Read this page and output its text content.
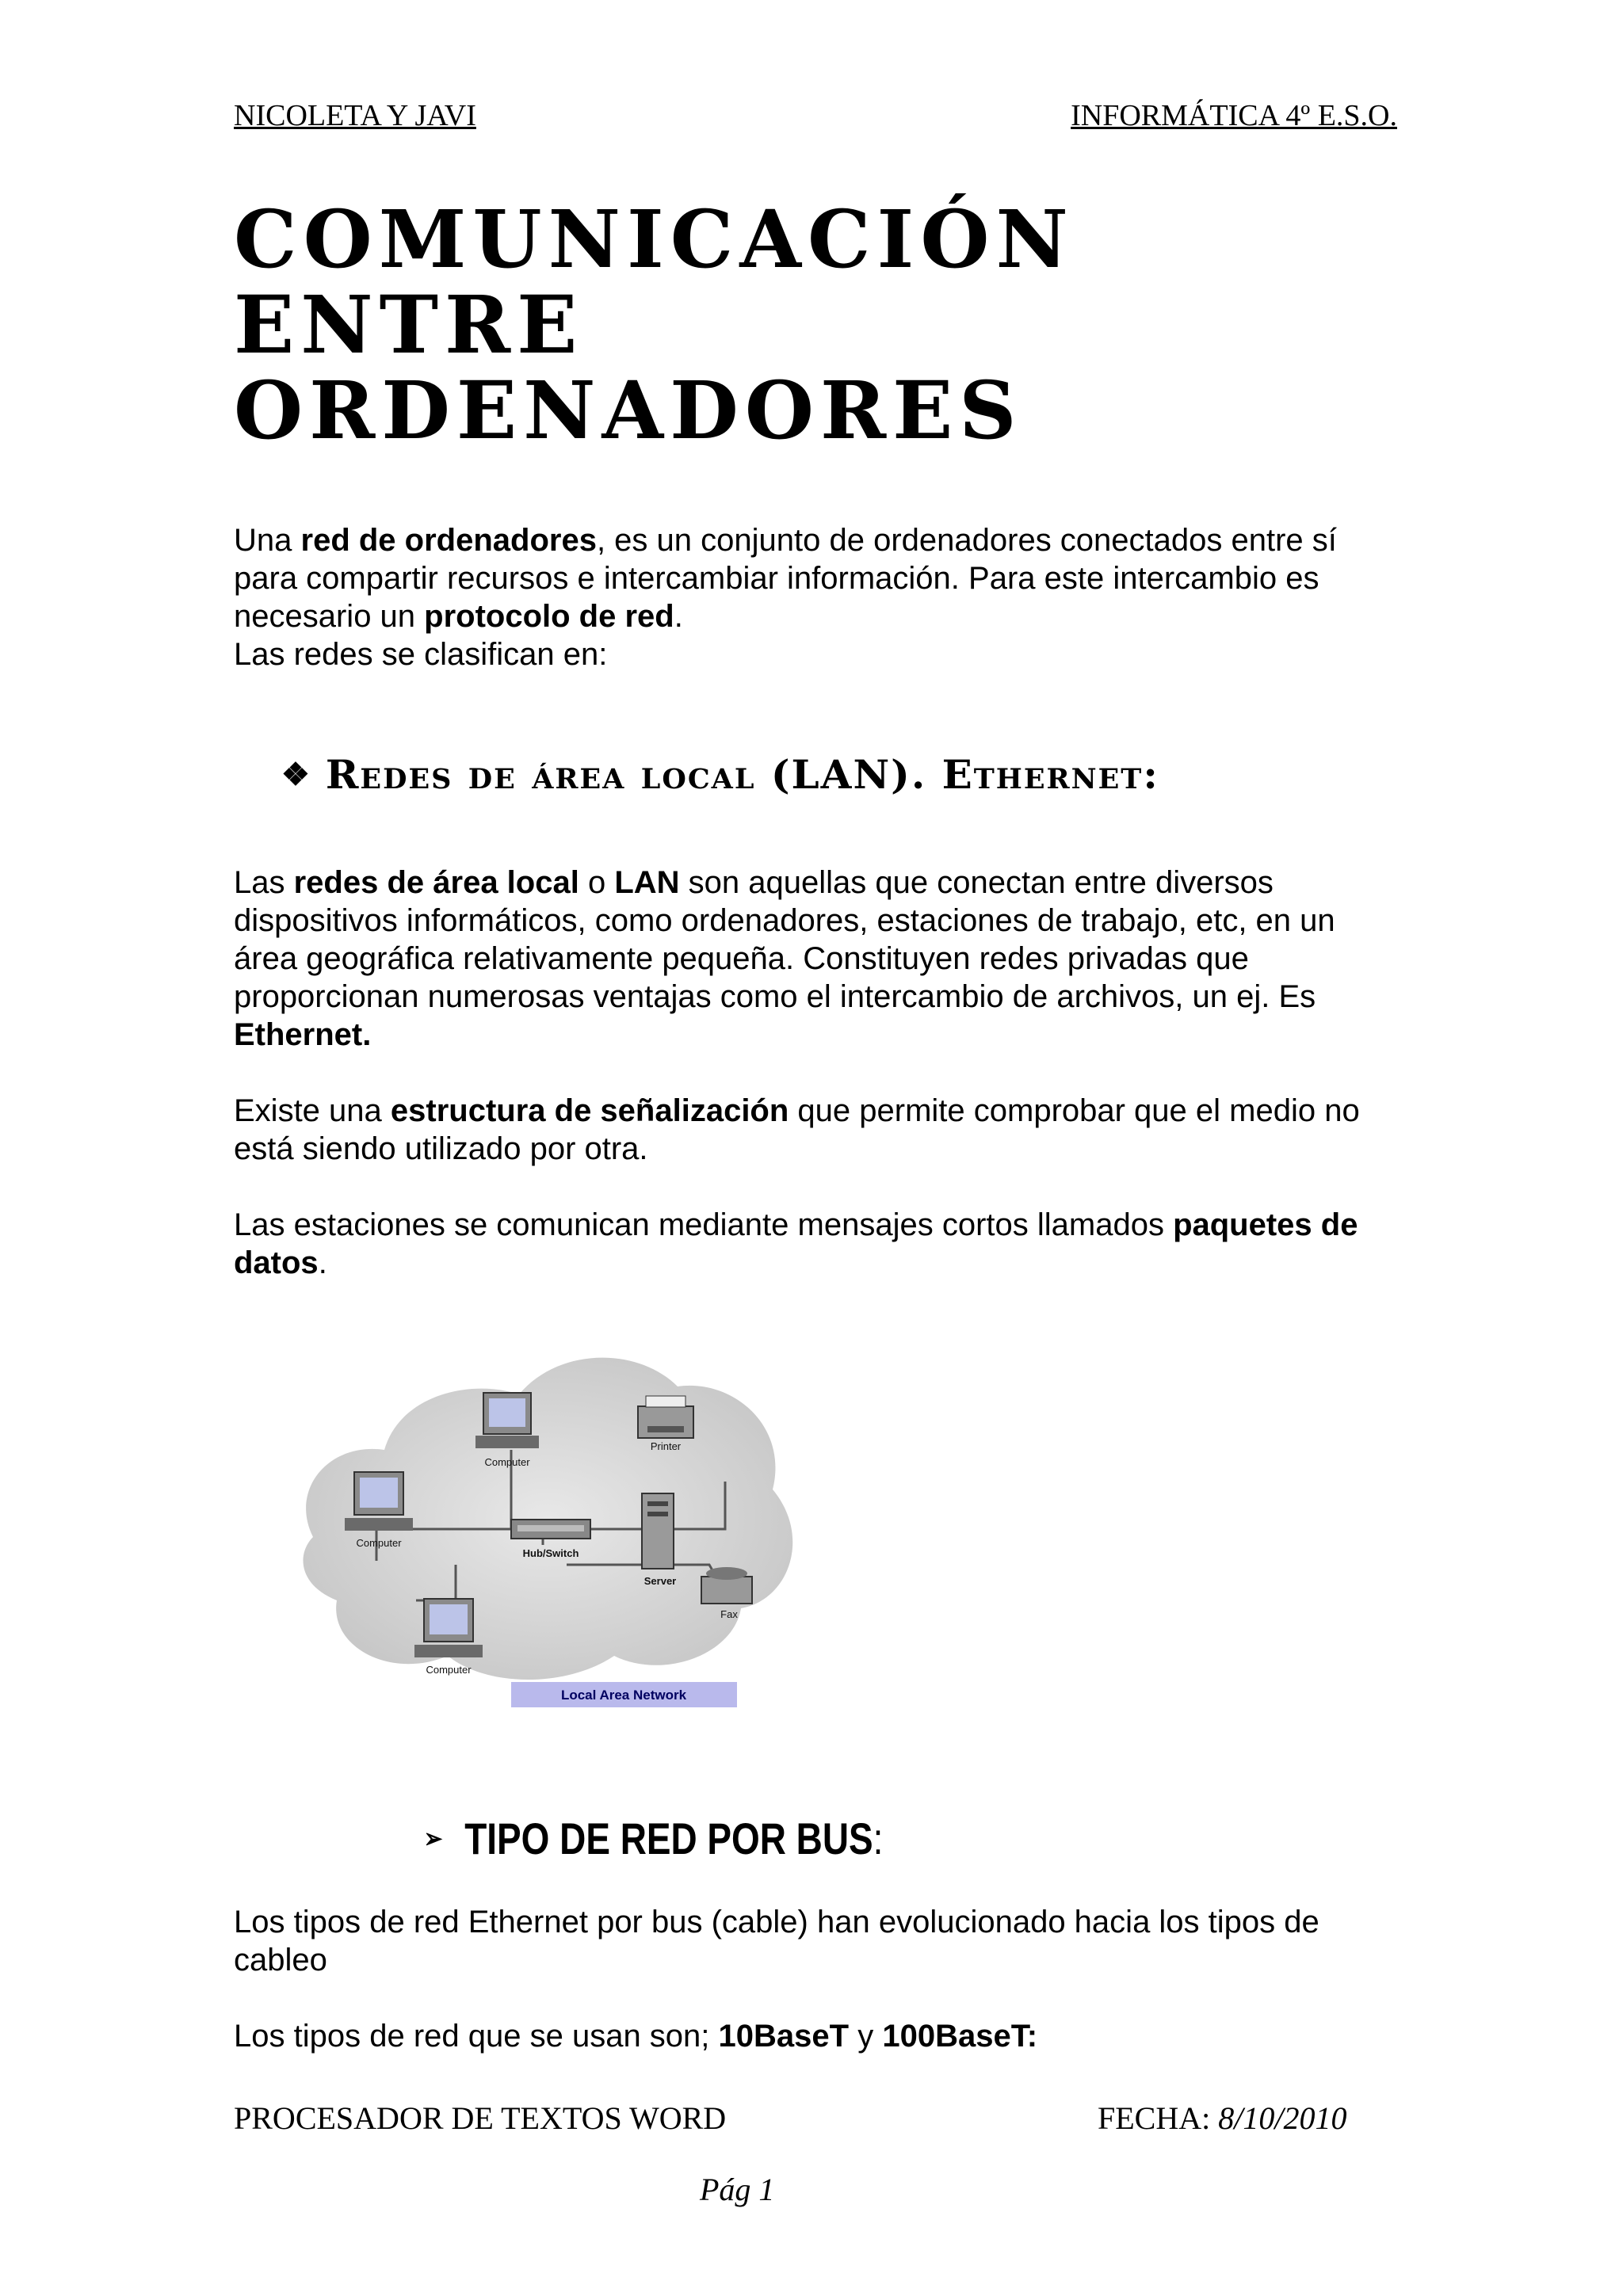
NICOLETA Y JAVI	INFORMÁTICA 4º E.S.O.
COMUNICACIÓN
ENTRE
ORDENADORES

Una red de ordenadores, es un conjunto de ordenadores conectados entre sí para compartir recursos e intercambiar información. Para este intercambio es necesario un protocolo de red.

Las redes se clasifican en:

❖ Redes de área local (LAN). Ethernet:

Las redes de área local o LAN son aquellas que conectan entre diversos dispositivos informáticos, como ordenadores, estaciones de trabajo, etc, en un área geográfica relativamente pequeña. Constituyen redes privadas que proporcionan numerosas ventajas como el intercambio de archivos, un ej. Es Ethernet.

Existe una estructura de señalización que permite comprobar que el medio no está siendo utilizado por otra.

Las estaciones se comunican mediante mensajes cortos llamados paquetes de datos.

Computer
Computer
Computer
Printer
Hub/Switch
Server
Fax
Local Area Network
➢ TIPO DE RED POR BUS :

Los tipos de red Ethernet por bus (cable) han evolucionado hacia los tipos de cableo

Los tipos de red que se usan son; 10BaseT y 100BaseT:

PROCESADOR DE TEXTOS WORD	FECHA: 8/10/2010
Pág 1
